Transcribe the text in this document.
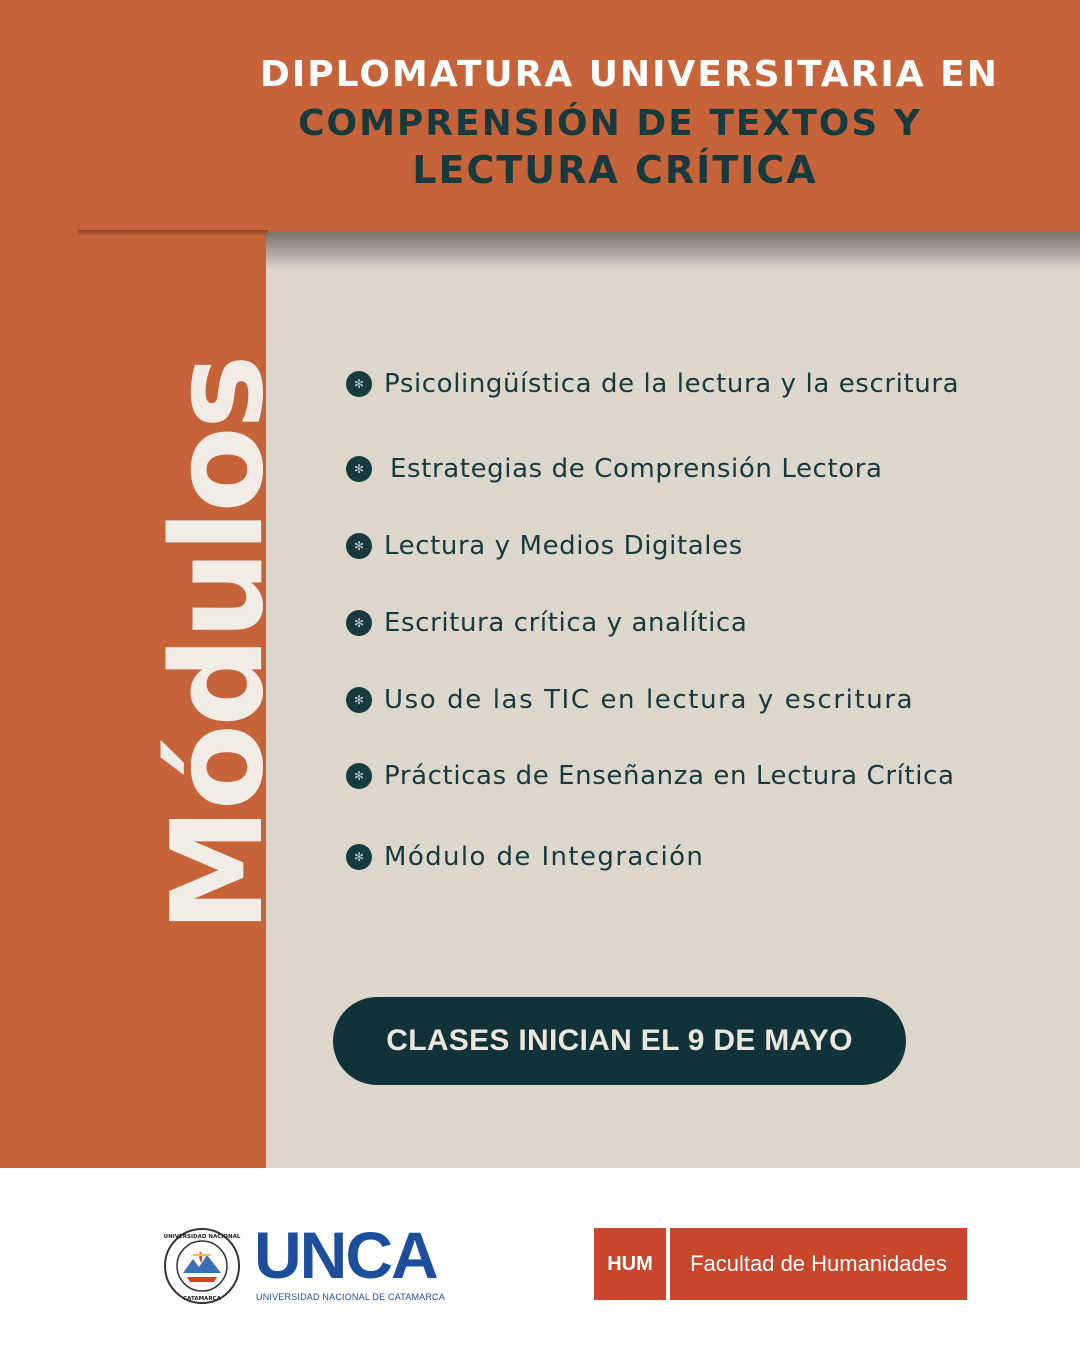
DIPLOMATURA UNIVERSITARIA EN
COMPRENSIÓN DE TEXTOS Y
LECTURA CRÍTICA
Módulos	✻ Psicolingüística de la lectura y la escritura
✻ Estrategias de Comprensión Lectora
✻ Lectura y Medios Digitales
✻ Escritura crítica y analítica
✻ Uso de las TIC en lectura y escritura
✻ Prácticas de Enseñanza en Lectura Crítica
✻ Módulo de Integración
CLASES INICIAN EL 9 DE MAYO
UNIVERSIDAD NACIONAL
CATAMARCA
UNCA
UNIVERSIDAD NACIONAL DE CATAMARCA
HUM Facultad de Humanidades
